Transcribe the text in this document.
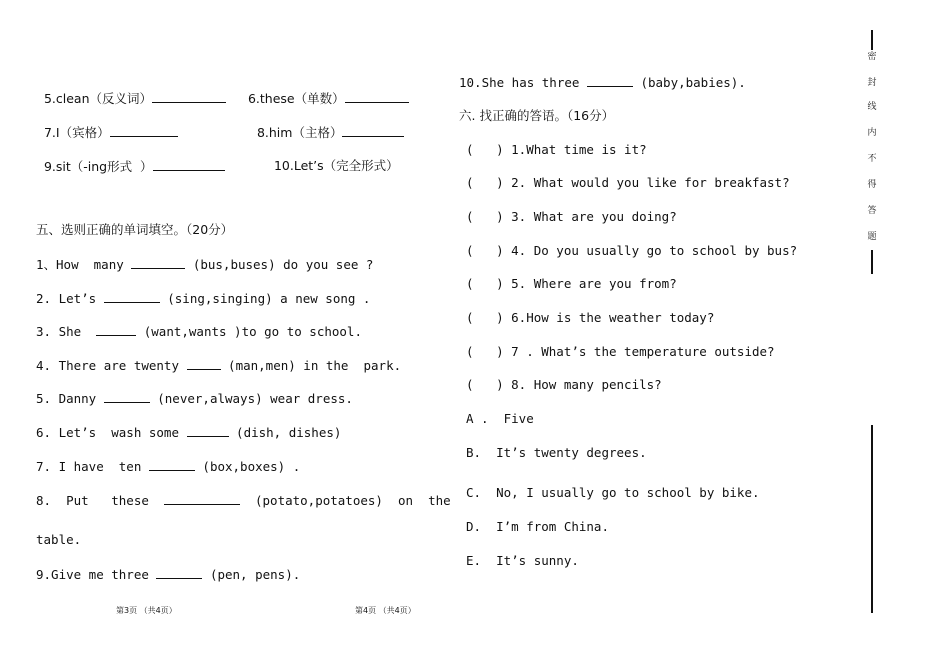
5.clean（反义词）	6.these（单数）

7.I（宾格）	8.him（主格）

9.sit（-ing形式  ）	10.Let’s（完全形式）

五、选则正确的单词填空。（20分）
1、How  many	(bus,buses) do you see ?
2. Let’s	(sing,singing) a new song .
3. She	(want,wants )to go to school.
4. There are twenty	(man,men) in the  park.
5. Danny	(never,always) wear dress.
6. Let’s  wash some	(dish, dishes)
7. I have  ten	(box,boxes) .
8.  Put   these	(potato,potatoes)  on  the
table.
9.Give me three	(pen, pens).
第3页 （共4页）
10.She has three	(baby,babies).
六. 找正确的答语。（16分）
(   ) 1.What time is it?
(   ) 2. What would you like for breakfast?
(   ) 3. What are you doing?
(   ) 4. Do you usually go to school by bus?
(   ) 5. Where are you from?
(   ) 6.How is the weather today?
(   ) 7 . What’s the temperature outside?
(   ) 8. How many pencils?
A .  Five
B.  It’s twenty degrees.
C.  No, I usually go to school by bike.
D.  I’m from China.
E.  It’s sunny.
第4页 （共4页）
密
封
线
内
不
得
答
题
